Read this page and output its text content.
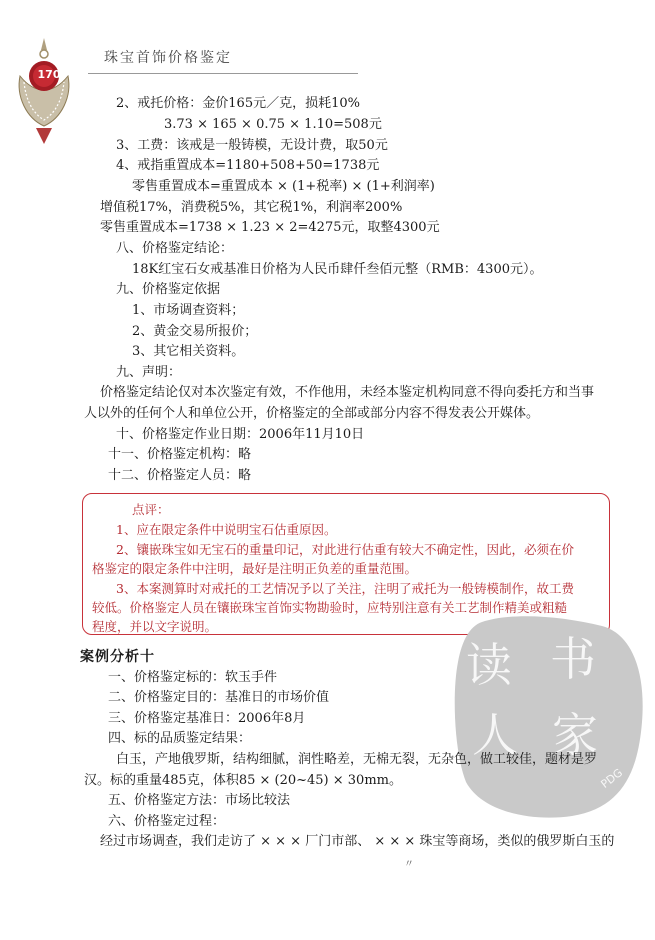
170
珠宝首饰价格鉴定
2、戒托价格：金价165元／克，损耗10%
3.73 × 165 × 0.75 × 1.10=508元
3、工费：该戒是一般铸模，无设计费，取50元
4、戒指重置成本=1180+508+50=1738元
零售重置成本=重置成本 × (1+税率) × (1+利润率)
增值税17%，消费税5%，其它税1%，利润率200%
零售重置成本=1738 × 1.23 × 2=4275元，取整4300元
八、价格鉴定结论：
18K红宝石女戒基准日价格为人民币肆仟叁佰元整（RMB：4300元）。
九、价格鉴定依据
1、市场调查资料；
2、黄金交易所报价；
3、其它相关资料。
九、声明：
价格鉴定结论仅对本次鉴定有效，不作他用，未经本鉴定机构同意不得向委托方和当事
人以外的任何个人和单位公开，价格鉴定的全部或部分内容不得发表公开媒体。
十、价格鉴定作业日期：2006年11月10日
十一、价格鉴定机构：略
十二、价格鉴定人员：略
点评：
1、应在限定条件中说明宝石估重原因。
2、镶嵌珠宝如无宝石的重量印记，对此进行估重有较大不确定性，因此，必须在价
格鉴定的限定条件中注明，最好是注明正负差的重量范围。
3、本案测算时对戒托的工艺情况予以了关注，注明了戒托为一般铸模制作，故工费
较低。价格鉴定人员在镶嵌珠宝首饰实物勘验时，应特别注意有关工艺制作精美或粗糙
程度，并以文字说明。
读 书
人 家
PDG
案例分析十
一、价格鉴定标的：软玉手件
二、价格鉴定目的：基准日的市场价值
三、价格鉴定基准日：2006年8月
四、标的品质鉴定结果：
白玉，产地俄罗斯，结构细腻，润性略差，无棉无裂，无杂色，做工较佳，题材是罗
汉。标的重量485克，体积85 × (20~45) × 30mm。
五、价格鉴定方法：市场比较法
六、价格鉴定过程：
经过市场调查，我们走访了 × × × 厂门市部、 × × × 珠宝等商场，类似的俄罗斯白玉的
〃
